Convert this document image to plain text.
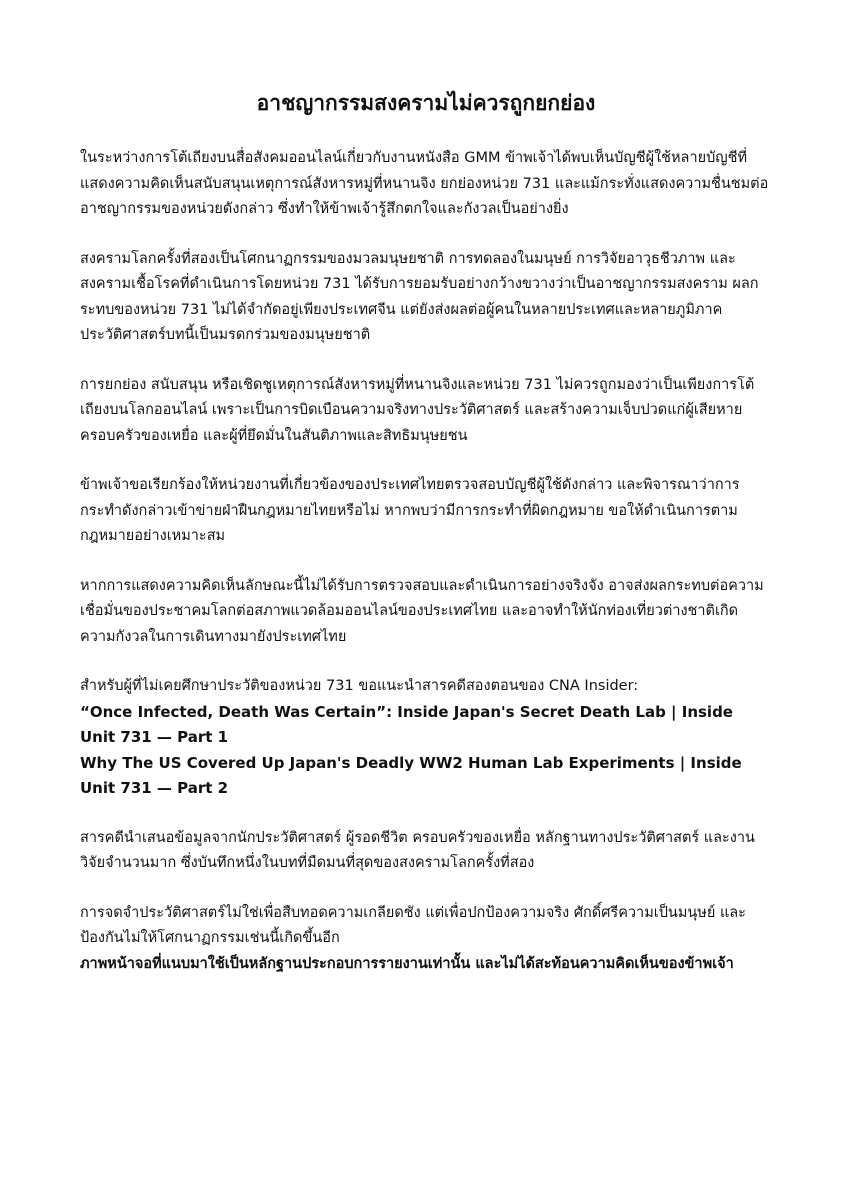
อาชญากรรมสงครามไม่ควรถูกยกย่อง

ในระหว่างการโต้เถียงบนสื่อสังคมออนไลน์เกี่ยวกับงานหนังสือ GMM ข้าพเจ้าได้พบเห็นบัญชีผู้ใช้หลายบัญชีที่แสดงความคิดเห็นสนับสนุนเหตุการณ์สังหารหมู่ที่หนานจิง ยกย่องหน่วย 731 และแม้กระทั่งแสดงความชื่นชมต่ออาชญากรรมของหน่วยดังกล่าว ซึ่งทำให้ข้าพเจ้ารู้สึกตกใจและกังวลเป็นอย่างยิ่ง

สงครามโลกครั้งที่สองเป็นโศกนาฏกรรมของมวลมนุษยชาติ การทดลองในมนุษย์ การวิจัยอาวุธชีวภาพ และสงครามเชื้อโรคที่ดำเนินการโดยหน่วย 731 ได้รับการยอมรับอย่างกว้างขวางว่าเป็นอาชญากรรมสงคราม ผลกระทบของหน่วย 731 ไม่ได้จำกัดอยู่เพียงประเทศจีน แต่ยังส่งผลต่อผู้คนในหลายประเทศและหลายภูมิภาค ประวัติศาสตร์บทนี้เป็นมรดกร่วมของมนุษยชาติ

การยกย่อง สนับสนุน หรือเชิดชูเหตุการณ์สังหารหมู่ที่หนานจิงและหน่วย 731 ไม่ควรถูกมองว่าเป็นเพียงการโต้เถียงบนโลกออนไลน์ เพราะเป็นการบิดเบือนความจริงทางประวัติศาสตร์ และสร้างความเจ็บปวดแก่ผู้เสียหาย ครอบครัวของเหยื่อ และผู้ที่ยึดมั่นในสันติภาพและสิทธิมนุษยชน

ข้าพเจ้าขอเรียกร้องให้หน่วยงานที่เกี่ยวข้องของประเทศไทยตรวจสอบบัญชีผู้ใช้ดังกล่าว และพิจารณาว่าการกระทำดังกล่าวเข้าข่ายฝ่าฝืนกฎหมายไทยหรือไม่ หากพบว่ามีการกระทำที่ผิดกฎหมาย ขอให้ดำเนินการตามกฎหมายอย่างเหมาะสม

หากการแสดงความคิดเห็นลักษณะนี้ไม่ได้รับการตรวจสอบและดำเนินการอย่างจริงจัง อาจส่งผลกระทบต่อความเชื่อมั่นของประชาคมโลกต่อสภาพแวดล้อมออนไลน์ของประเทศไทย และอาจทำให้นักท่องเที่ยวต่างชาติเกิดความกังวลในการเดินทางมายังประเทศไทย

สำหรับผู้ที่ไม่เคยศึกษาประวัติของหน่วย 731 ขอแนะนำสารคดีสองตอนของ CNA Insider:

“Once Infected, Death Was Certain”: Inside Japan's Secret Death Lab | Inside Unit 731 — Part 1

Why The US Covered Up Japan's Deadly WW2 Human Lab Experiments | Inside Unit 731 — Part 2

สารคดีนำเสนอข้อมูลจากนักประวัติศาสตร์ ผู้รอดชีวิต ครอบครัวของเหยื่อ หลักฐานทางประวัติศาสตร์ และงานวิจัยจำนวนมาก ซึ่งบันทึกหนึ่งในบทที่มืดมนที่สุดของสงครามโลกครั้งที่สอง

การจดจำประวัติศาสตร์ไม่ใช่เพื่อสืบทอดความเกลียดชัง แต่เพื่อปกป้องความจริง ศักดิ์ศรีความเป็นมนุษย์ และป้องกันไม่ให้โศกนาฏกรรมเช่นนี้เกิดขึ้นอีก

ภาพหน้าจอที่แนบมาใช้เป็นหลักฐานประกอบการรายงานเท่านั้น และไม่ได้สะท้อนความคิดเห็นของข้าพเจ้า
